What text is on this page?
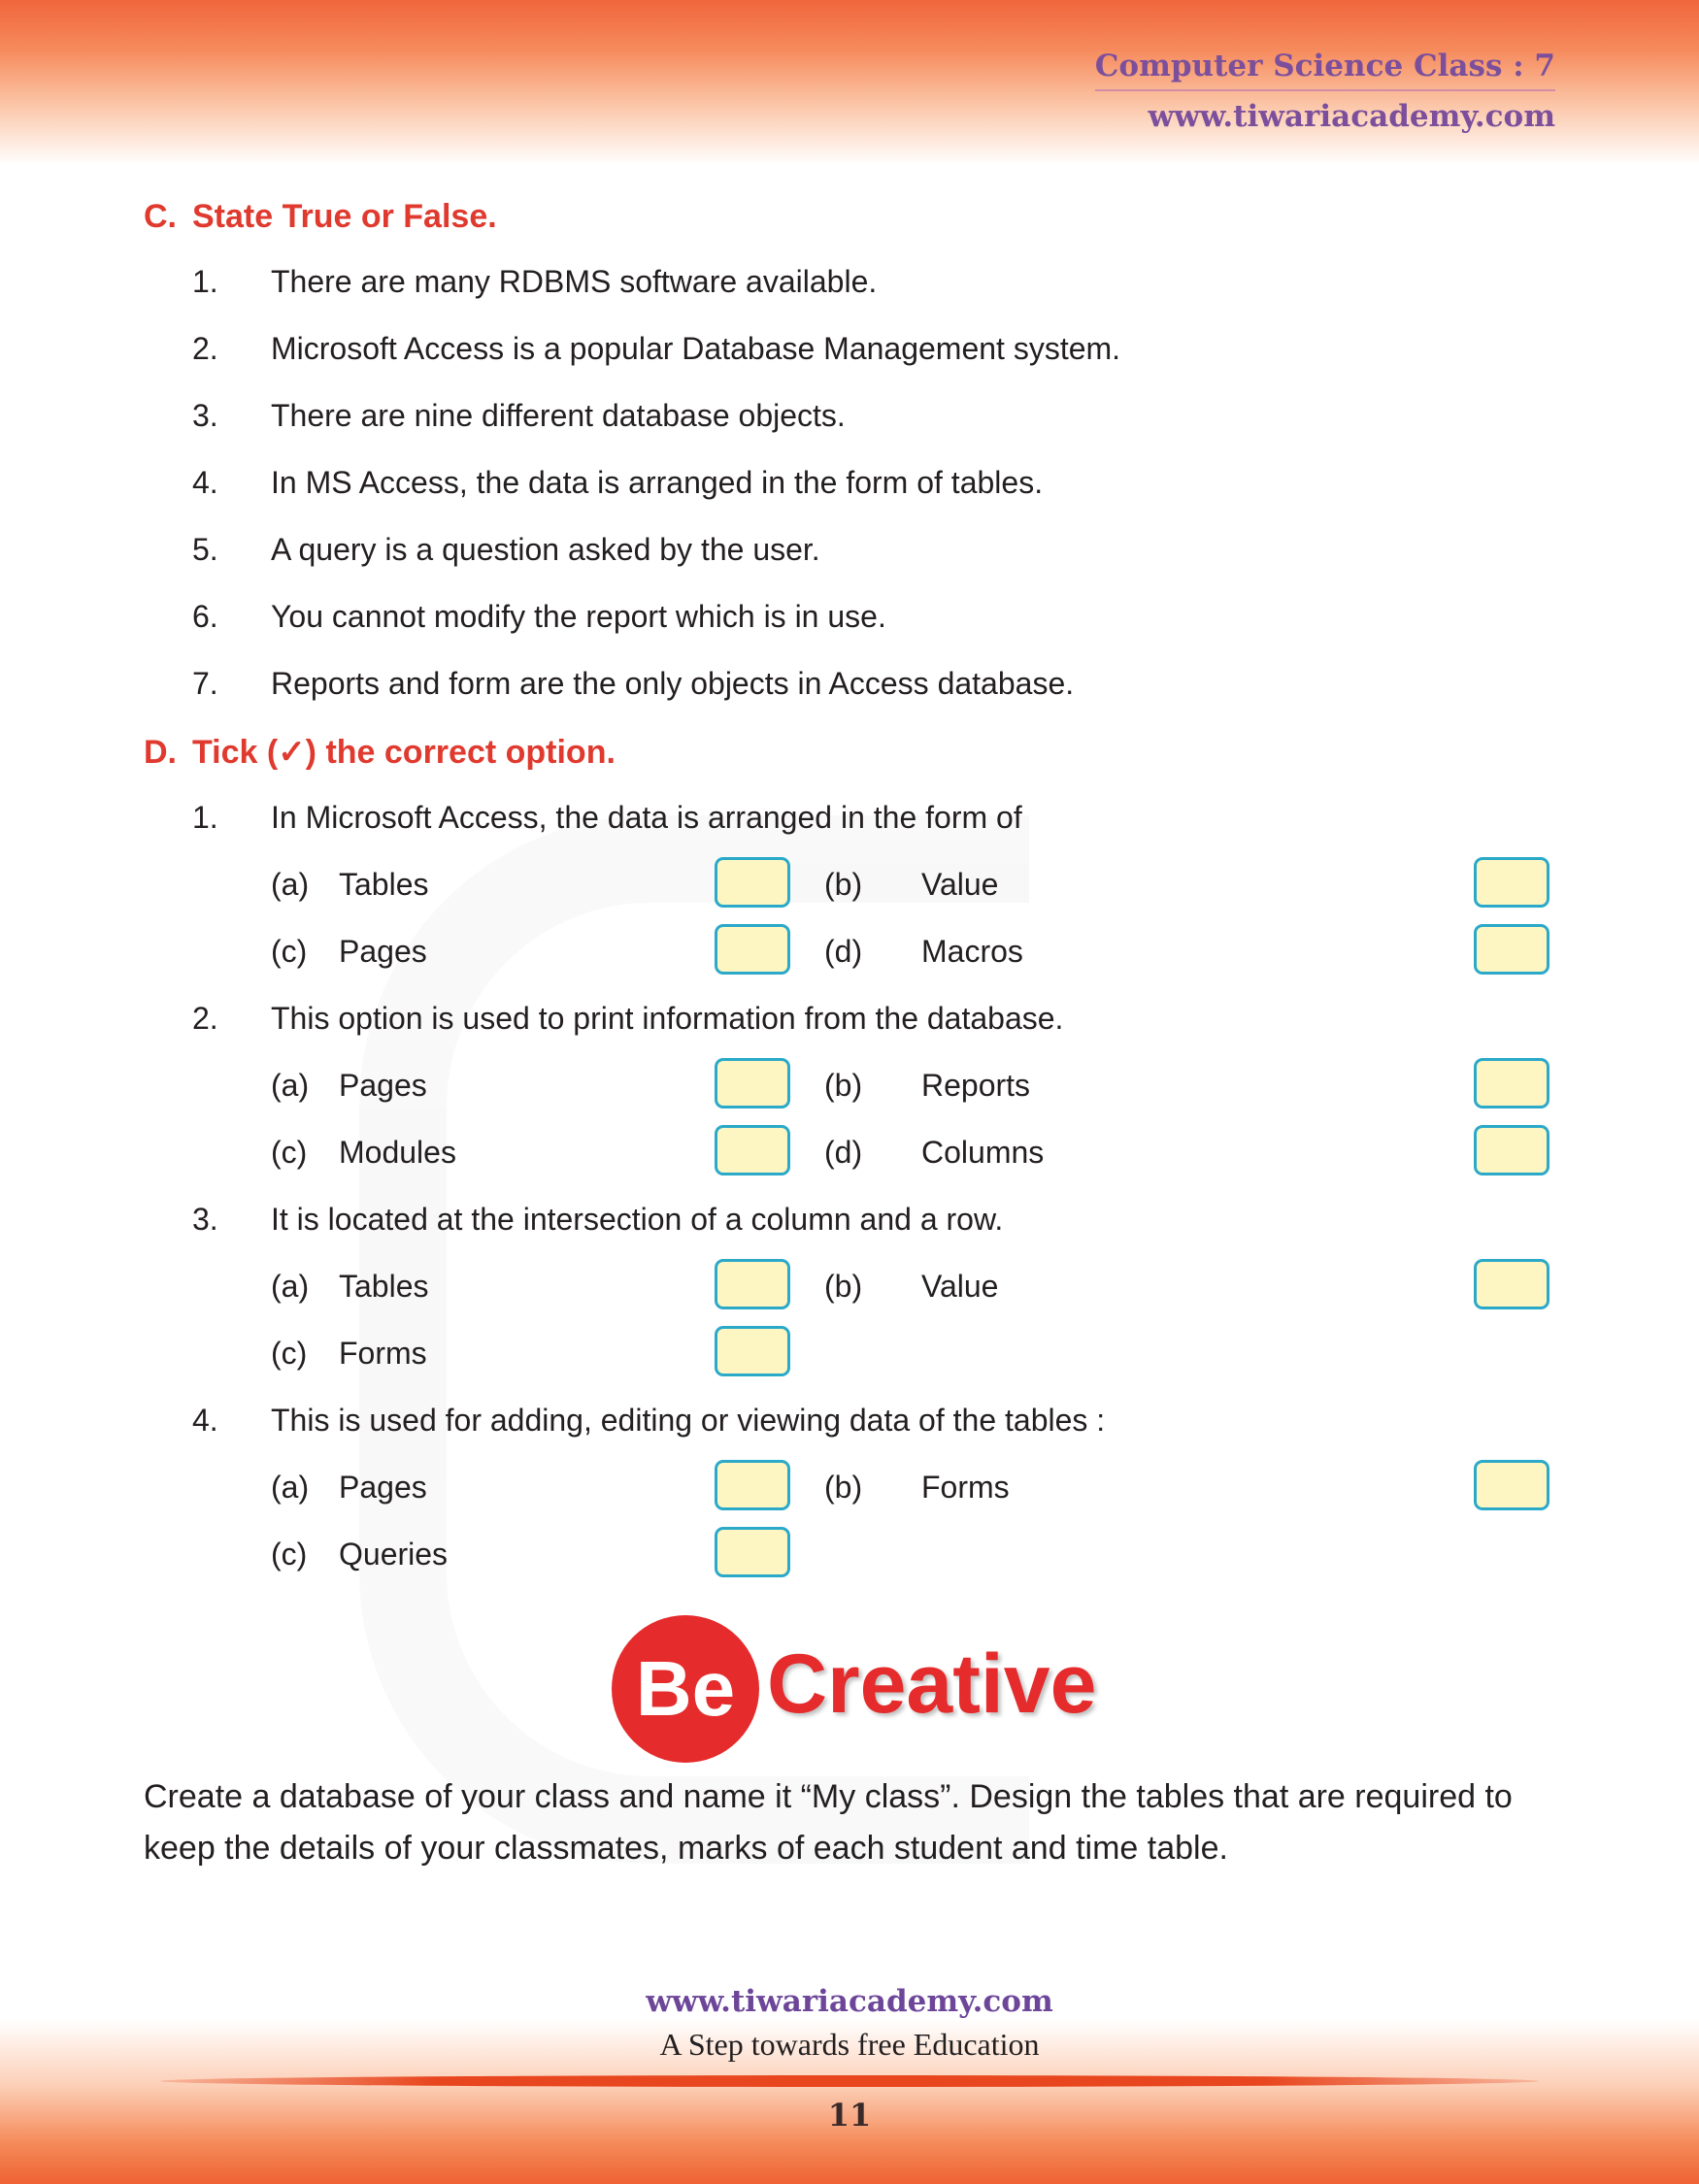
Computer Science Class : 7
www.tiwariacademy.com
C. State True or False.
1. There are many RDBMS software available.
2. Microsoft Access is a popular Database Management system.
3. There are nine different database objects.
4. In MS Access, the data is arranged in the form of tables.
5. A query is a question asked by the user.
6. You cannot modify the report which is in use.
7. Reports and form are the only objects in Access database.
D. Tick (✓) the correct option.
1. In Microsoft Access, the data is arranged in the form of
(a) Tables	(b) Value
(c) Pages	(d) Macros
2. This option is used to print information from the database.
(a) Pages	(b) Reports
(c) Modules	(d) Columns
3. It is located at the intersection of a column and a row.
(a) Tables	(b) Value
(c) Forms
4. This is used for adding, editing or viewing data of the tables :
(a) Pages	(b) Forms
(c) Queries
Be Creative
Create a database of your class and name it “My class”. Design the tables that are required to keep the details of your classmates, marks of each student and time table.
www.tiwariacademy.com
A Step towards free Education
11
